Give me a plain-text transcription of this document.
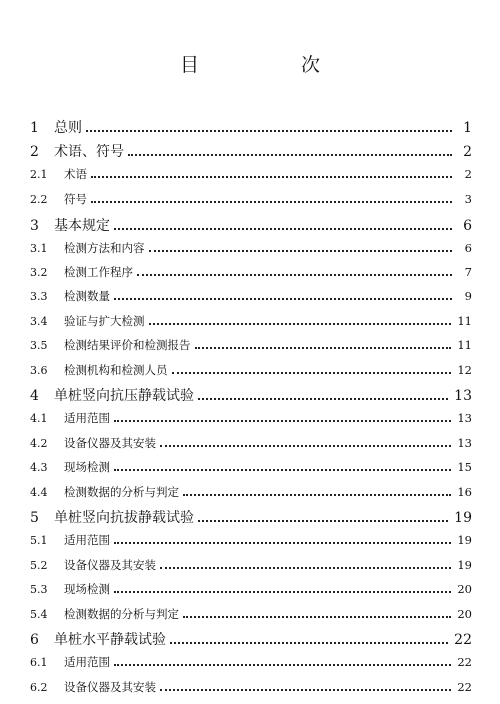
目 次
1	总则	1
2	术语、符号	2
2.1	术语	2
2.2	符号	3
3	基本规定	6
3.1	检测方法和内容	6
3.2	检测工作程序	7
3.3	检测数量	9
3.4	验证与扩大检测	11
3.5	检测结果评价和检测报告	11
3.6	检测机构和检测人员	12
4	单桩竖向抗压静载试验	13
4.1	适用范围	13
4.2	设备仪器及其安装	13
4.3	现场检测	15
4.4	检测数据的分析与判定	16
5	单桩竖向抗拔静载试验	19
5.1	适用范围	19
5.2	设备仪器及其安装	19
5.3	现场检测	20
5.4	检测数据的分析与判定	20
6	单桩水平静载试验	22
6.1	适用范围	22
6.2	设备仪器及其安装	22
